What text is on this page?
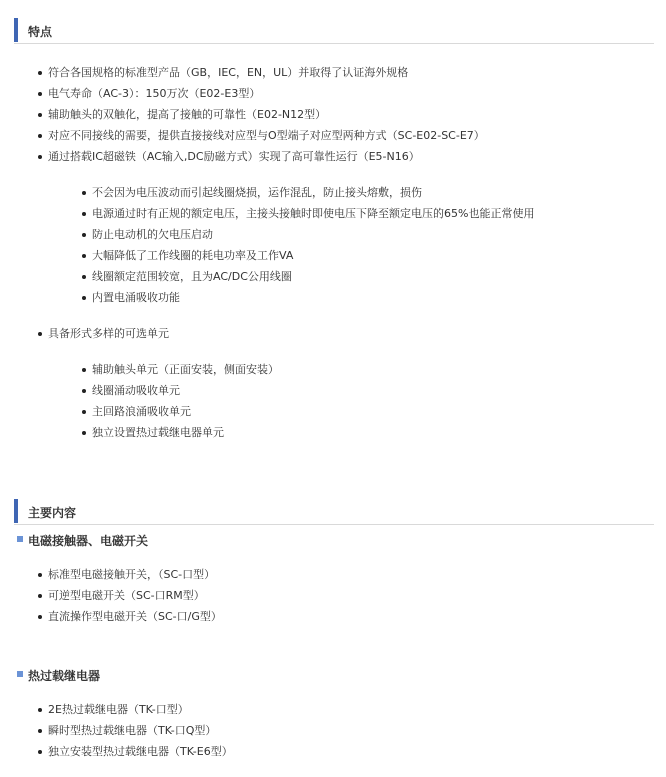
特点
符合各国规格的标准型产品（GB，IEC，EN，UL）并取得了认证海外规格
电气寿命（AC-3）：150万次（E02-E3型）
辅助触头的双触化，提高了接触的可靠性（E02-N12型）
对应不同接线的需要，提供直接接线对应型与O型端子对应型两种方式（SC-E02-SC-E7）
通过搭载IC超磁铁（AC输入,DC励磁方式）实现了高可靠性运行（E5-N16）
不会因为电压波动而引起线圈烧损，运作混乱，防止接头熔敷，损伤
电源通过时有正规的额定电压，主接头接触时即使电压下降至额定电压的65%也能正常使用
防止电动机的欠电压启动
大幅降低了工作线圈的耗电功率及工作VA
线圈额定范围较宽，且为AC/DC公用线圈
内置电涌吸收功能
具备形式多样的可选单元
辅助触头单元（正面安装，侧面安装）
线圈涌动吸收单元
主回路浪涌吸收单元
独立设置热过载继电器单元
主要内容
电磁接触器、电磁开关
标准型电磁接触开关，（SC-口型）
可逆型电磁开关（SC-口RM型）
直流操作型电磁开关（SC-口/G型）
热过载继电器
2E热过载继电器（TK-口型）
瞬时型热过载继电器（TK-口Q型）
独立安装型热过载继电器（TK-E6型）
